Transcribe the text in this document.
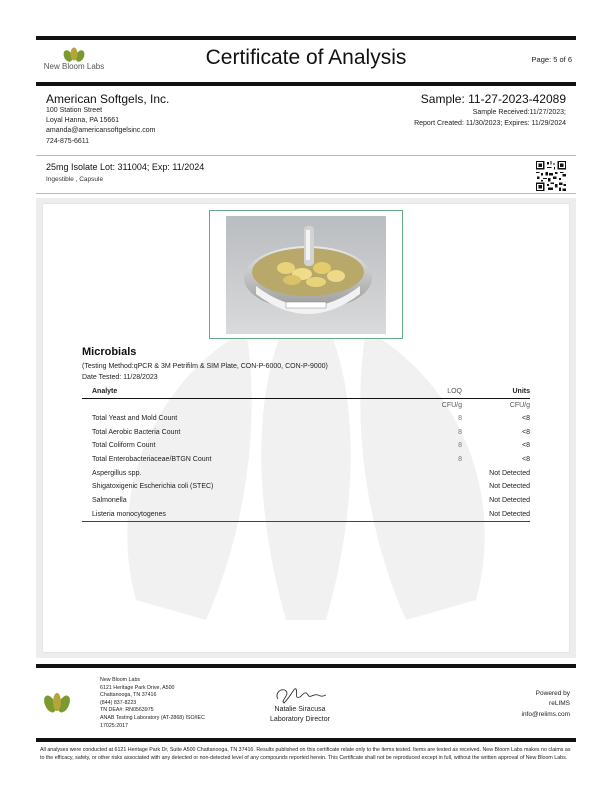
New Bloom Labs	Certificate of Analysis	Page: 5 of 6
American Softgels, Inc.
100 Station Street
Loyal Hanna, PA 15661
amanda@americansoftgelsinc.com
724-875-6611
Sample: 11-27-2023-42089
Sample Received:11/27/2023;
Report Created: 11/30/2023; Expires: 11/29/2024
25mg Isolate Lot: 311004; Exp: 11/2024
Ingestible , Capsule
Microbials
(Testing Method:qPCR & 3M Petrifilm & SIM Plate, CON-P-6000, CON-P-9000)
Date Tested: 11/28/2023
Analyte	LOQ	Units
	CFU/g	CFU/g
Total Yeast and Mold Count	8	<8
Total Aerobic Bacteria Count	8	<8
Total Coliform Count	8	<8
Total Enterobacteriaceae/BTGN Count	8	<8
Aspergillus spp.		Not Detected
Shigatoxigenic Escherichia coli (STEC)		Not Detected
Salmonella		Not Detected
Listeria monocytogenes		Not Detected
New Bloom Labs
6121 Heritage Park Drive, A500
Chattanooga, TN 37416
(844) 837-8223
TN DEA#: RN0563975
ANAB Testing Laboratory (AT-2868) ISO/IEC
17025:2017
Natalie Siracusa
Laboratory Director
Powered by
reLIMS
info@relims.com
All analyses were conducted at 6121 Heritage Park Dr, Suite A500 Chattanooga, TN 37416. Results published on this certificate relate only to the items tested. Items are tested as received. New Bloom Labs makes no claims as to the efficacy, safety, or other risks associated with any detected or non-detected level of any compounds reported herein. This Certificate shall not be reproduced except in full, without the written approval of New Bloom Labs.
